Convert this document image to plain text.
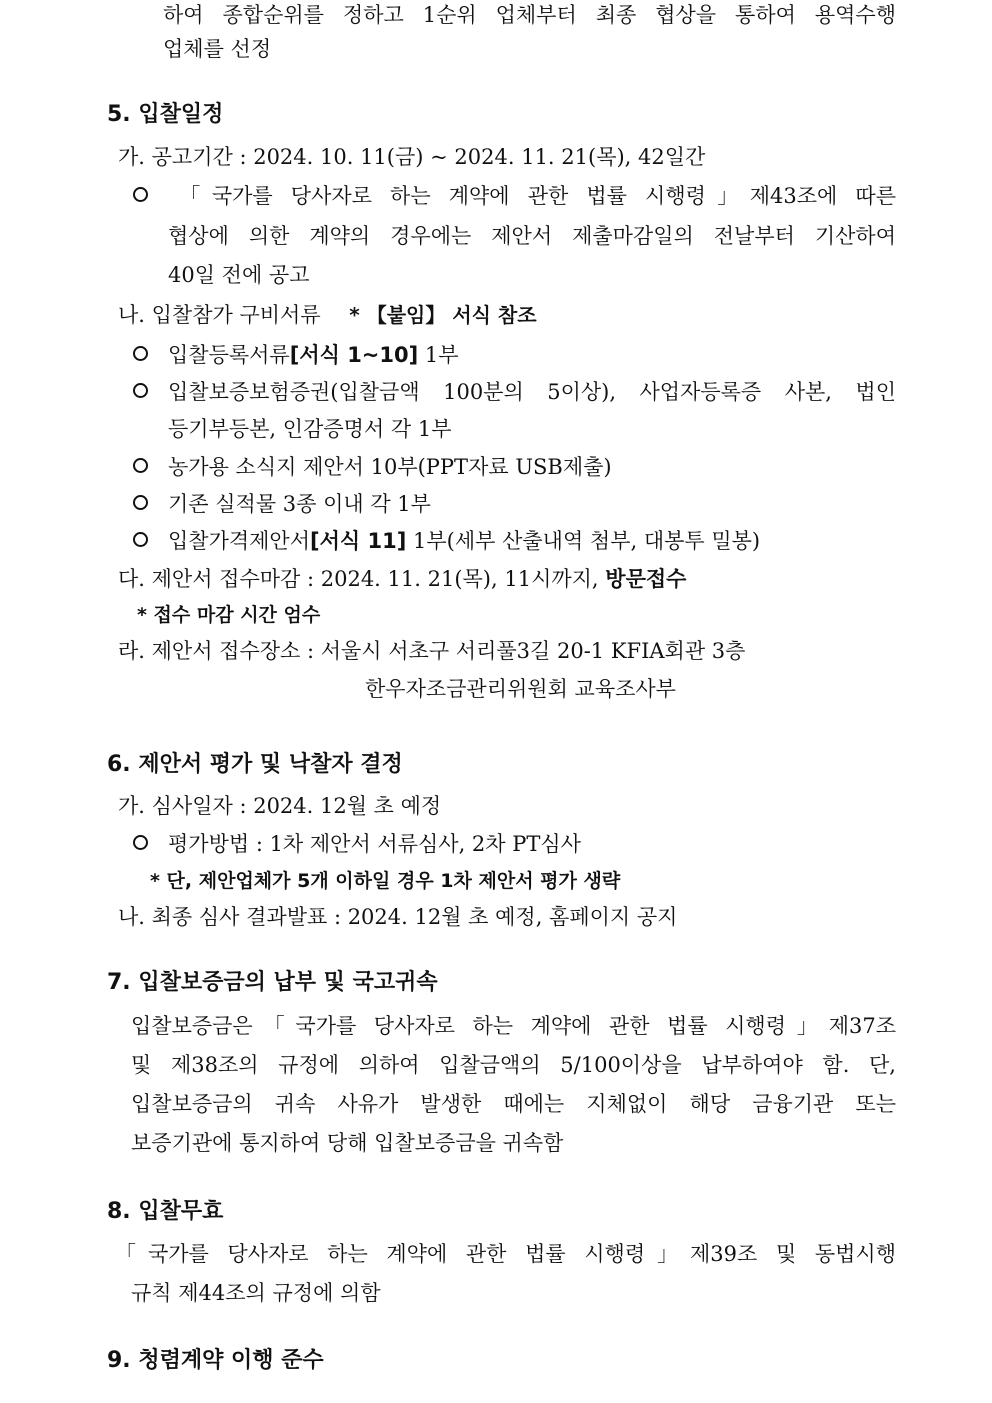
하여 종합순위를 정하고 1순위 업체부터 최종 협상을 통하여 용역수행
업체를 선정
5. 입찰일정
가. 공고기간 : 2024. 10. 11(금) ~ 2024. 11. 21(목), 42일간
「국가를 당사자로 하는 계약에 관한 법률 시행령」제43조에 따른
협상에 의한 계약의 경우에는 제안서 제출마감일의 전날부터 기산하여
40일 전에 공고
나. 입찰참가 구비서류 * 【붙임】 서식 참조
입찰등록서류[서식 1~10] 1부
입찰보증보험증권(입찰금액 100분의 5이상), 사업자등록증 사본, 법인
등기부등본, 인감증명서 각 1부
농가용 소식지 제안서 10부(PPT자료 USB제출)
기존 실적물 3종 이내 각 1부
입찰가격제안서[서식 11] 1부(세부 산출내역 첨부, 대봉투 밀봉)
다. 제안서 접수마감 : 2024. 11. 21(목), 11시까지, 방문접수
* 접수 마감 시간 엄수
라. 제안서 접수장소 : 서울시 서초구 서리풀3길 20-1 KFIA회관 3층
한우자조금관리위원회 교육조사부
6. 제안서 평가 및 낙찰자 결정
가. 심사일자 : 2024. 12월 초 예정
평가방법 : 1차 제안서 서류심사, 2차 PT심사
* 단, 제안업체가 5개 이하일 경우 1차 제안서 평가 생략
나. 최종 심사 결과발표 : 2024. 12월 초 예정, 홈페이지 공지
7. 입찰보증금의 납부 및 국고귀속
입찰보증금은「국가를 당사자로 하는 계약에 관한 법률 시행령」제37조
및 제38조의 규정에 의하여 입찰금액의 5/100이상을 납부하여야 함. 단,
입찰보증금의 귀속 사유가 발생한 때에는 지체없이 해당 금융기관 또는
보증기관에 통지하여 당해 입찰보증금을 귀속함
8. 입찰무효
「국가를 당사자로 하는 계약에 관한 법률 시행령」제39조 및 동법시행
규칙 제44조의 규정에 의함
9. 청렴계약 이행 준수
